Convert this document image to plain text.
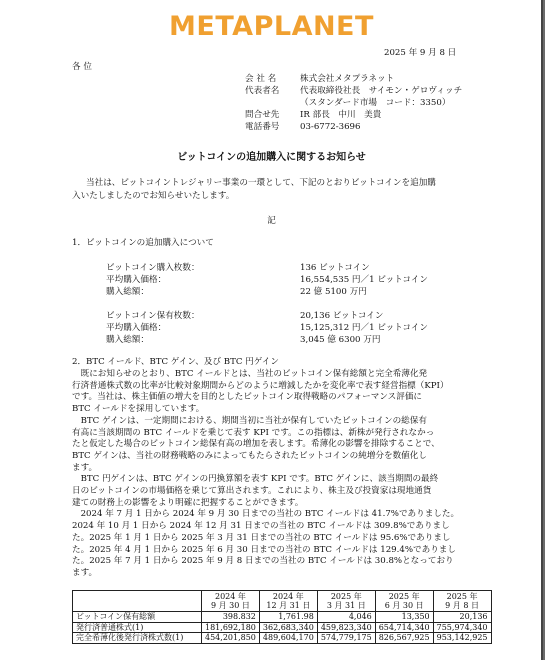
METAPLANET
2025 年 9 月 8 日
各 位
会 社 名	株式会社メタプラネット
代表者名 代表取締役社長　サイモン・ゲロヴィッチ
（スタンダード市場　コード：3350）
問合せ先 IR 部長　中川　美貴
電話番号 03-6772-3696
ビットコインの追加購入に関するお知らせ
当社は、ビットコイントレジャリー事業の一環として、下記のとおりビットコインを追加購
入いたしましたのでお知らせいたします。
記
1．ビットコインの追加購入について
ビットコイン購入枚数：	136 ビットコイン
平均購入価格：	16,554,535 円／1 ビットコイン
購入総額：	22 億 5100 万円
ビットコイン保有枚数：	20,136 ビットコイン
平均購入価格：	15,125,312 円／1 ビットコイン
購入総額：	3,045 億 6300 万円
2．BTC イールド、BTC ゲイン、及び BTC 円ゲイン
　既にお知らせのとおり、BTC イールドとは、当社のビットコイン保有総額と完全希薄化発
行済普通株式数の比率が比較対象期間からどのように増減したかを変化率で表す経営指標（KPI）
です。当社は、株主価値の増大を目的としたビットコイン取得戦略のパフォーマンス評価に
BTC イールドを採用しています。
　BTC ゲインは、一定期間における、期間当初に当社が保有していたビットコインの総保有
有高に当該期間の BTC イールドを乗じて表す KPI です。この指標は、新株が発行されなかっ
たと仮定した場合のビットコイン総保有高の増加を表します。希薄化の影響を排除することで、
BTC ゲインは、当社の財務戦略のみによってもたらされたビットコインの純増分を数値化し
ます。
　BTC 円ゲインは、BTC ゲインの円換算額を表す KPI です。BTC ゲインに、該当期間の最終
日のビットコインの市場価格を乗じて算出されます。これにより、株主及び投資家は現地通貨
建ての財務上の影響をより明確に把握することができます。
　2024 年 7 月 1 日から 2024 年 9 月 30 日までの当社の BTC イールドは 41.7%でありました。
2024 年 10 月 1 日から 2024 年 12 月 31 日までの当社の BTC イールドは 309.8%でありまし
た。2025 年 1 月 1 日から 2025 年 3 月 31 日までの当社の BTC イールドは 95.6%でありまし
た。2025 年 4 月 1 日から 2025 年 6 月 30 日までの当社の BTC イールドは 129.4%でありまし
た。2025 年 7 月 1 日から 2025 年 9 月 8 日までの当社の BTC イールドは 30.8%となっており
ます。
	2024 年
9 月 30 日	2024 年
12 月 31 日	2025 年
3 月 31 日	2025 年
6 月 30 日	2025 年
9 月 8 日
ビットコイン保有総額	398.832	1,761.98	4,046	13,350	20,136
発行済普通株式(1)	181,692,180	362,683,340	459,823,340	654,714,340	755,974,340
完全希薄化後発行済株式数(1)	454,201,850	489,604,170	574,779,175	826,567,925	953,142,925
